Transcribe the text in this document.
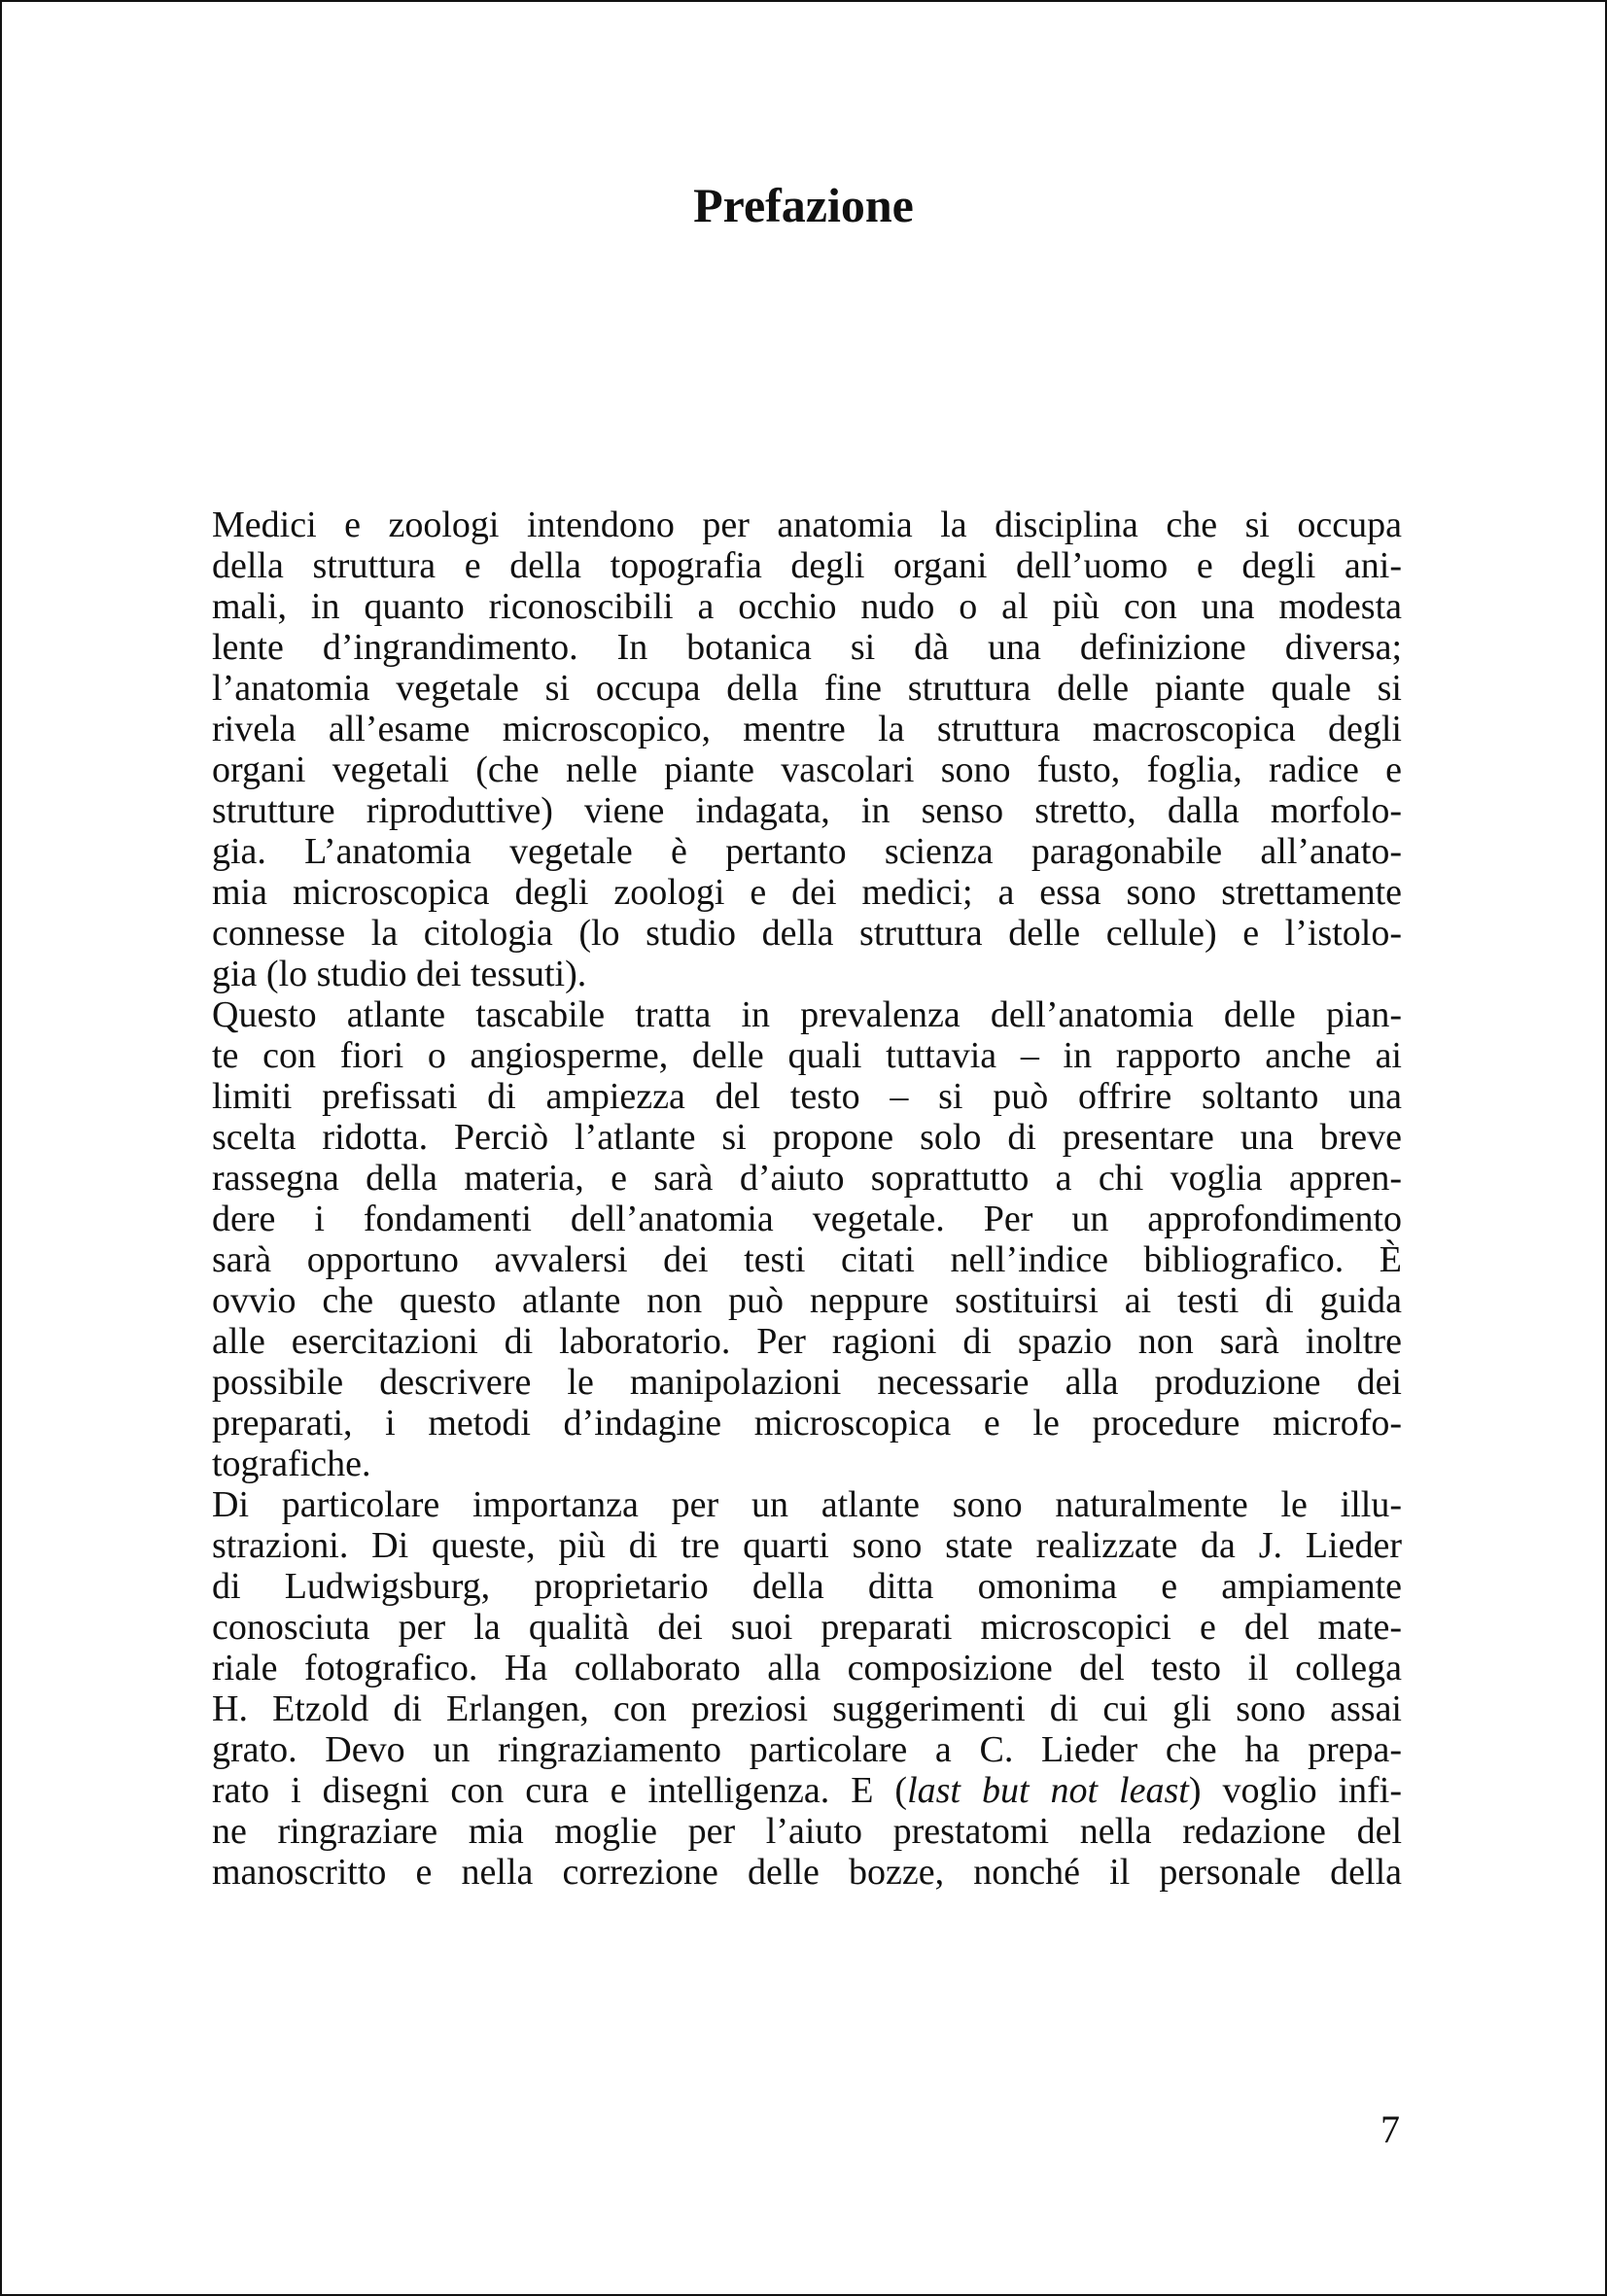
Prefazione
Medici e zoologi intendono per anatomia la disciplina che si occupa
della struttura e della topografia degli organi dell’uomo e degli ani-
mali, in quanto riconoscibili a occhio nudo o al più con una modesta
lente d’ingrandimento. In botanica si dà una definizione diversa;
l’anatomia vegetale si occupa della fine struttura delle piante quale si
rivela all’esame microscopico, mentre la struttura macroscopica degli
organi vegetali (che nelle piante vascolari sono fusto, foglia, radice e
strutture riproduttive) viene indagata, in senso stretto, dalla morfolo-
gia. L’anatomia vegetale è pertanto scienza paragonabile all’anato-
mia microscopica degli zoologi e dei medici; a essa sono strettamente
connesse la citologia (lo studio della struttura delle cellule) e l’istolo-
gia (lo studio dei tessuti).
Questo atlante tascabile tratta in prevalenza dell’anatomia delle pian-
te con fiori o angiosperme, delle quali tuttavia – in rapporto anche ai
limiti prefissati di ampiezza del testo – si può offrire soltanto una
scelta ridotta. Perciò l’atlante si propone solo di presentare una breve
rassegna della materia, e sarà d’aiuto soprattutto a chi voglia appren-
dere i fondamenti dell’anatomia vegetale. Per un approfondimento
sarà opportuno avvalersi dei testi citati nell’indice bibliografico. È
ovvio che questo atlante non può neppure sostituirsi ai testi di guida
alle esercitazioni di laboratorio. Per ragioni di spazio non sarà inoltre
possibile descrivere le manipolazioni necessarie alla produzione dei
preparati, i metodi d’indagine microscopica e le procedure microfo-
tografiche.
Di particolare importanza per un atlante sono naturalmente le illu-
strazioni. Di queste, più di tre quarti sono state realizzate da J. Lieder
di Ludwigsburg, proprietario della ditta omonima e ampiamente
conosciuta per la qualità dei suoi preparati microscopici e del mate-
riale fotografico. Ha collaborato alla composizione del testo il collega
H. Etzold di Erlangen, con preziosi suggerimenti di cui gli sono assai
grato. Devo un ringraziamento particolare a C. Lieder che ha prepa-
rato i disegni con cura e intelligenza. E (last but not least) voglio infi-
ne ringraziare mia moglie per l’aiuto prestatomi nella redazione del
manoscritto e nella correzione delle bozze, nonché il personale della
7
